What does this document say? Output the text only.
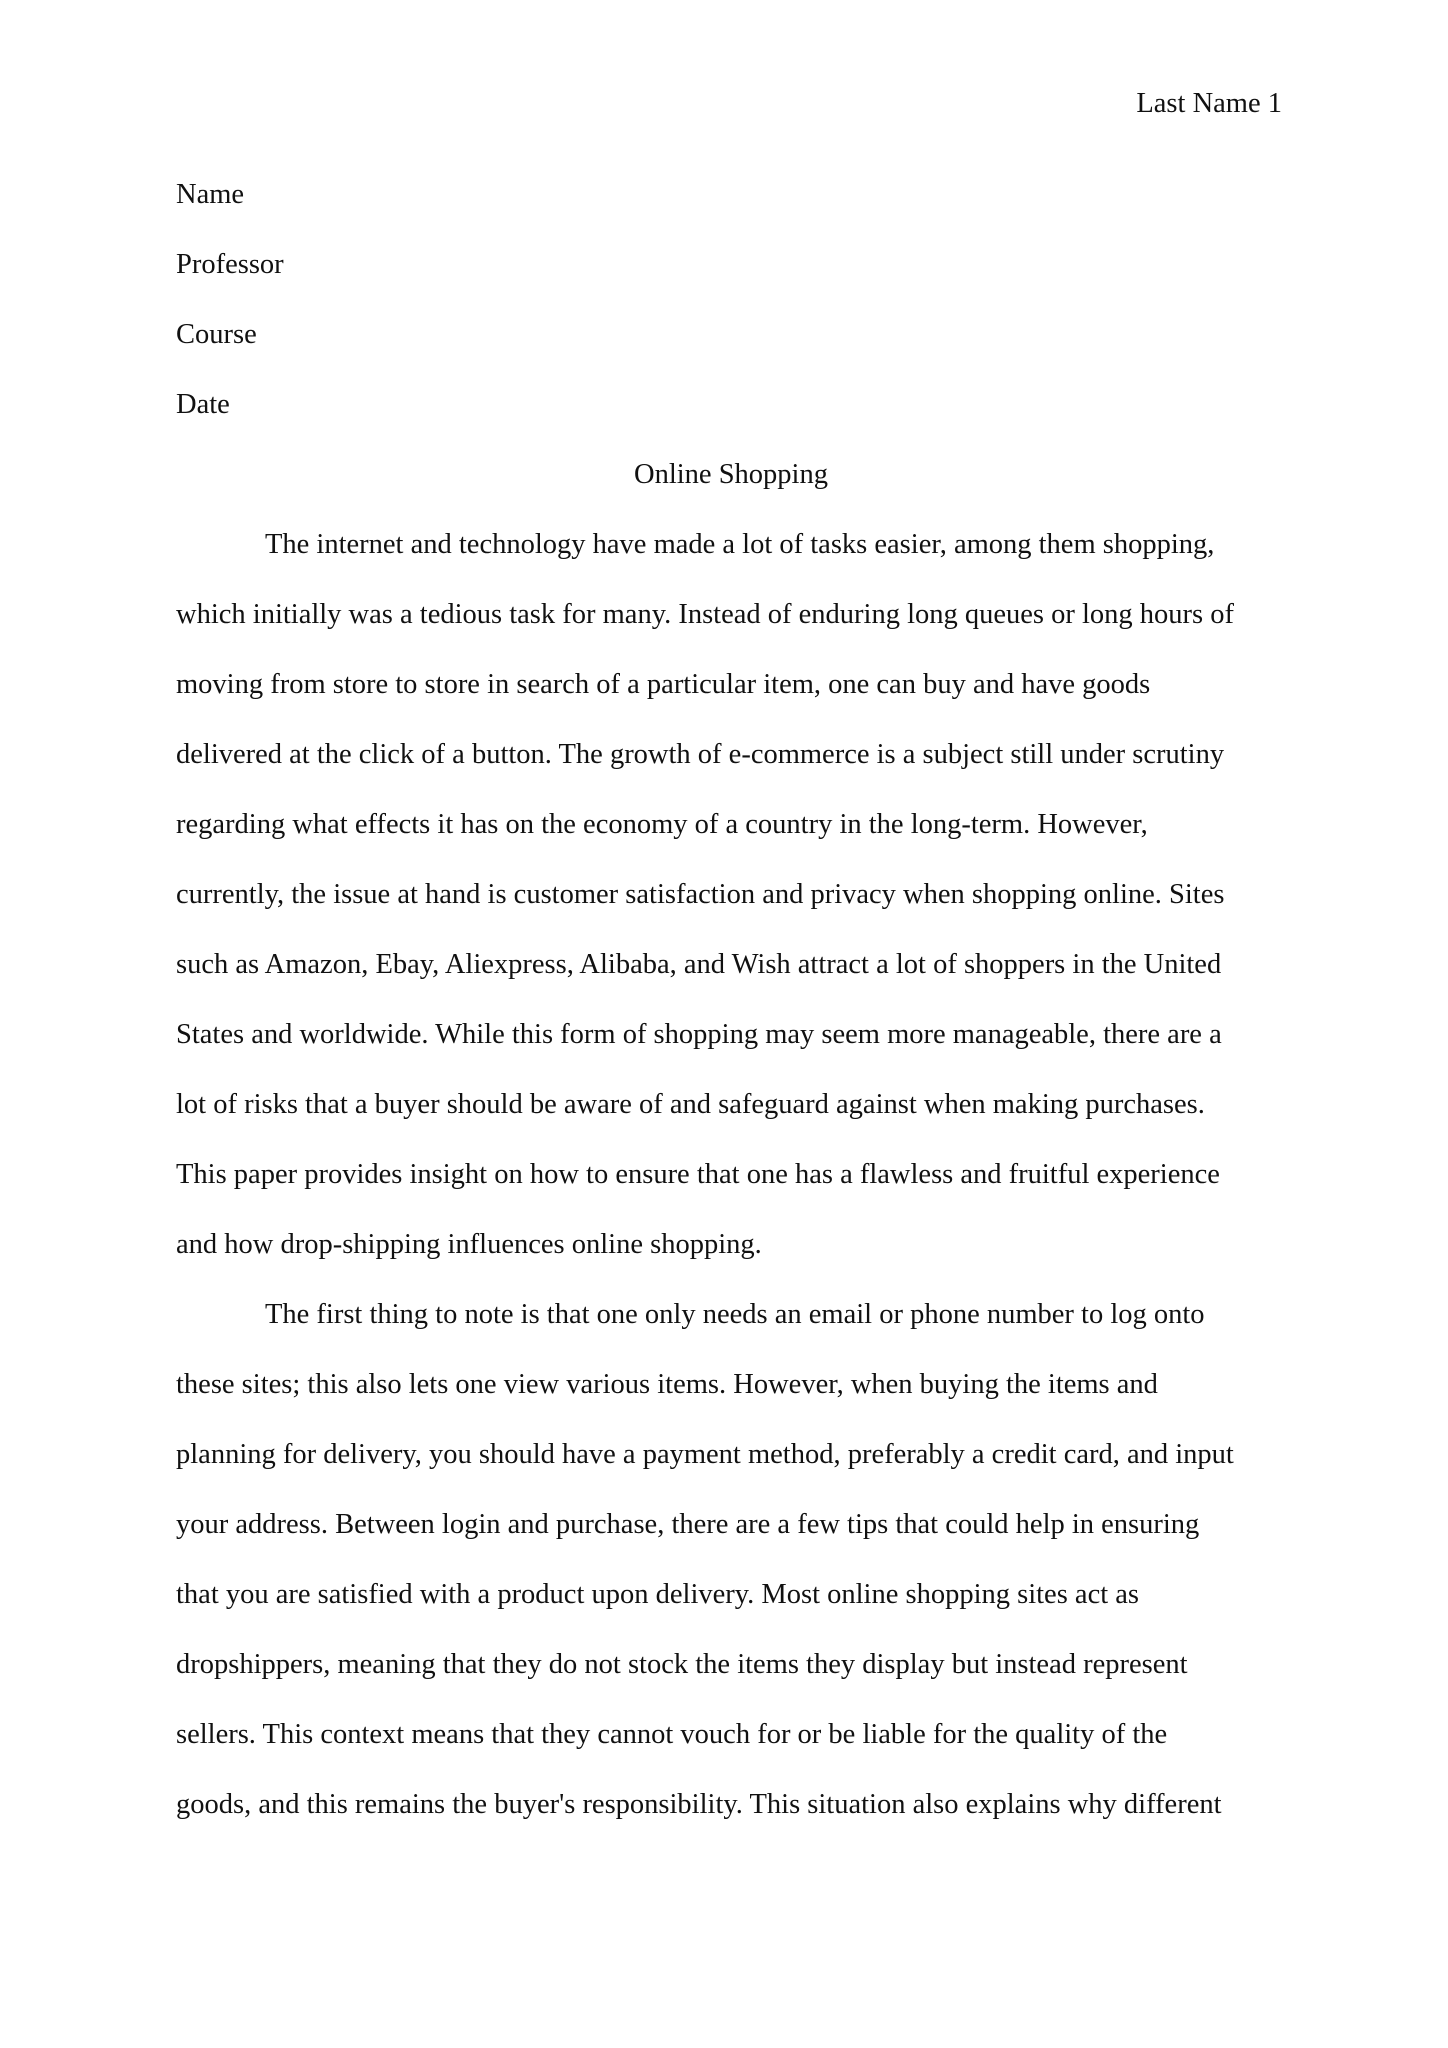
Last Name 1
Name
Professor
Course
Date
Online Shopping
The internet and technology have made a lot of tasks easier, among them shopping,
which initially was a tedious task for many. Instead of enduring long queues or long hours of
moving from store to store in search of a particular item, one can buy and have goods
delivered at the click of a button. The growth of e-commerce is a subject still under scrutiny
regarding what effects it has on the economy of a country in the long-term. However,
currently, the issue at hand is customer satisfaction and privacy when shopping online. Sites
such as Amazon, Ebay, Aliexpress, Alibaba, and Wish attract a lot of shoppers in the United
States and worldwide. While this form of shopping may seem more manageable, there are a
lot of risks that a buyer should be aware of and safeguard against when making purchases.
This paper provides insight on how to ensure that one has a flawless and fruitful experience
and how drop-shipping influences online shopping.
The first thing to note is that one only needs an email or phone number to log onto
these sites; this also lets one view various items. However, when buying the items and
planning for delivery, you should have a payment method, preferably a credit card, and input
your address. Between login and purchase, there are a few tips that could help in ensuring
that you are satisfied with a product upon delivery. Most online shopping sites act as
dropshippers, meaning that they do not stock the items they display but instead represent
sellers. This context means that they cannot vouch for or be liable for the quality of the
goods, and this remains the buyer's responsibility. This situation also explains why different
